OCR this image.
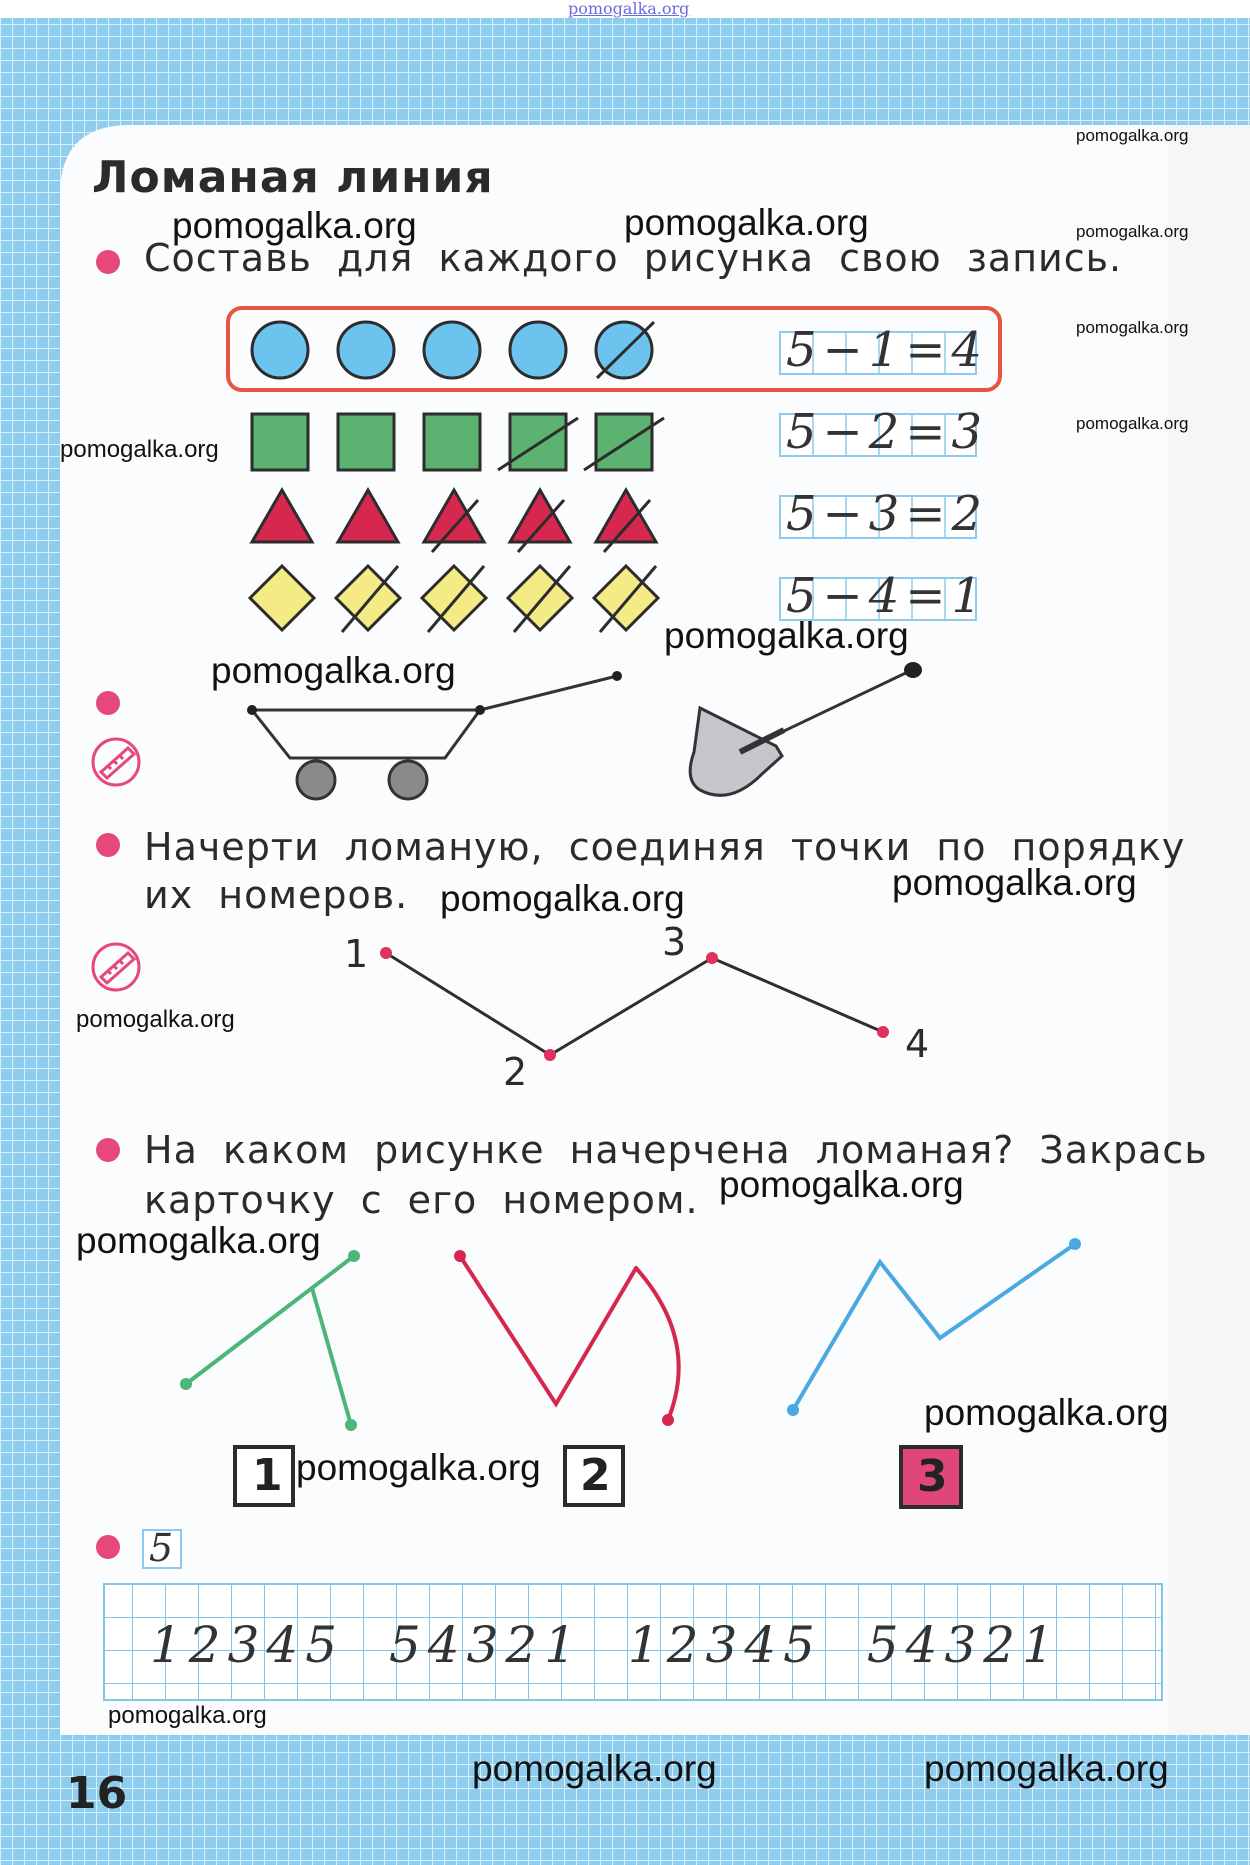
pomogalka.org
Ломаная линия
Составь для каждого рисунка свою запись.
5−1=4
5−2=3
5−3=2
5−4=1
Начерти ломаную, соединяя точки по порядку
их номеров.
1
2
3
4
На каком рисунке начерчена ломаная? Закрась
карточку с его номером.
1	2	3
5
12345 54321 12345 54321
16
pomogalka.org
pomogalka.org
pomogalka.org
pomogalka.org
pomogalka.org	pomogalka.org
pomogalka.org
pomogalka.org
pomogalka.org
pomogalka.org
pomogalka.org
pomogalka.org
pomogalka.org
pomogalka.org
pomogalka.org
pomogalka.org
pomogalka.org
pomogalka.org	pomogalka.org
